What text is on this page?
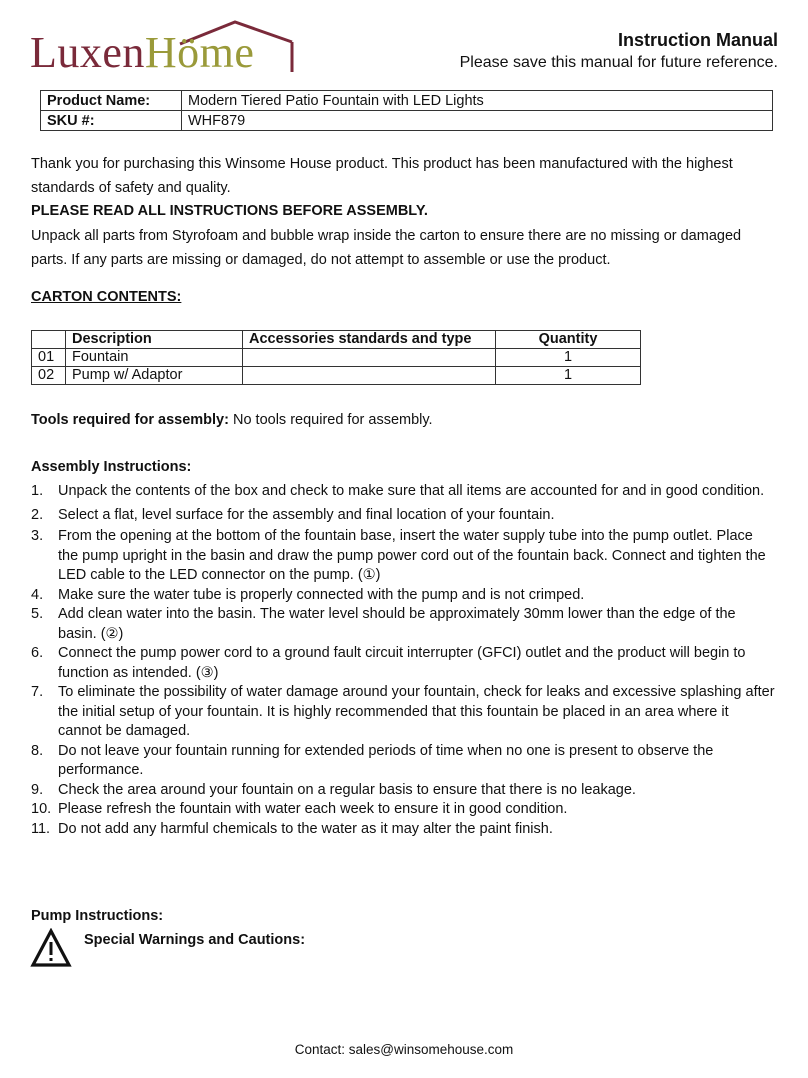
LuxenHöme	Instruction Manual
Please save this manual for future reference.
Product Name:	Modern Tiered Patio Fountain with LED Lights
SKU #:	WHF879
Thank you for purchasing this Winsome House product. This product has been manufactured with the highest standards of safety and quality.
PLEASE READ ALL INSTRUCTIONS BEFORE ASSEMBLY.
Unpack all parts from Styrofoam and bubble wrap inside the carton to ensure there are no missing or damaged parts. If any parts are missing or damaged, do not attempt to assemble or use the product.
CARTON CONTENTS:
	Description	Accessories standards and type	Quantity
01	Fountain		1
02	Pump w/ Adaptor		1
Tools required for assembly: No tools required for assembly.
Assembly Instructions:
1. Unpack the contents of the box and check to make sure that all items are accounted for and in good condition.
2. Select a flat, level surface for the assembly and final location of your fountain.
3. From the opening at the bottom of the fountain base, insert the water supply tube into the pump outlet. Place the pump upright in the basin and draw the pump power cord out of the fountain back. Connect and tighten the LED cable to the LED connector on the pump. (①)
4. Make sure the water tube is properly connected with the pump and is not crimped.
5. Add clean water into the basin. The water level should be approximately 30mm lower than the edge of the basin. (②)
6. Connect the pump power cord to a ground fault circuit interrupter (GFCI) outlet and the product will begin to function as intended. (③)
7. To eliminate the possibility of water damage around your fountain, check for leaks and excessive splashing after the initial setup of your fountain. It is highly recommended that this fountain be placed in an area where it cannot be damaged.
8. Do not leave your fountain running for extended periods of time when no one is present to observe the performance.
9. Check the area around your fountain on a regular basis to ensure that there is no leakage.
10. Please refresh the fountain with water each week to ensure it in good condition.
11. Do not add any harmful chemicals to the water as it may alter the paint finish.
Pump Instructions:
Special Warnings and Cautions:
Contact: sales@winsomehouse.com
